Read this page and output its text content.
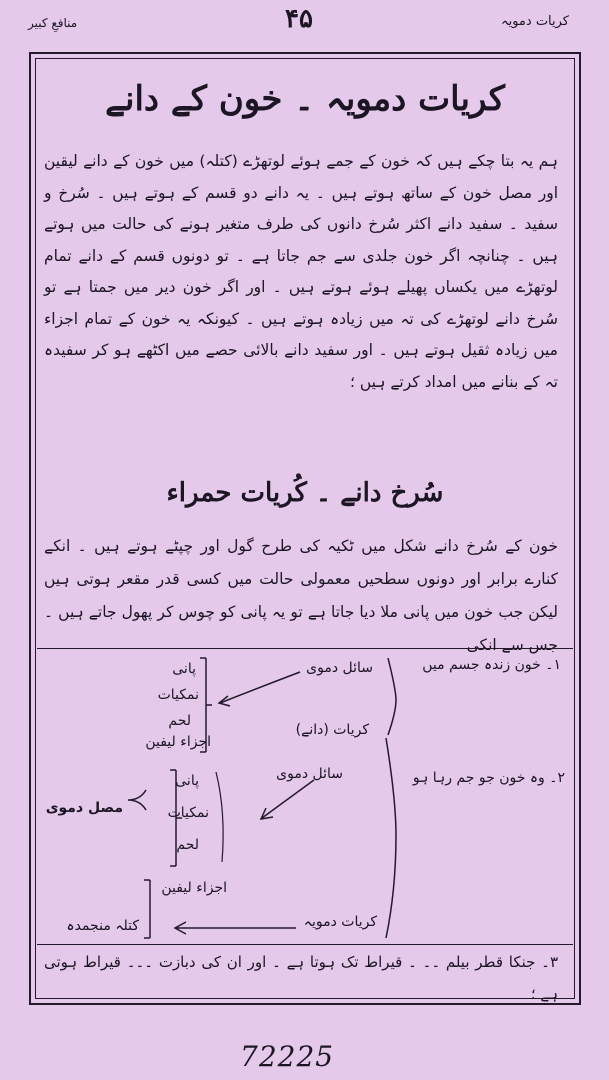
کریات دمویہ
۴۵
منافعِ کبیر
کریات دمویہ ۔ خون کے دانے

ہم یہ بتا چکے ہیں کہ خون کے جمے ہوئے لوتھڑے (کتلہ) میں خون کے دانے لیقین اور مصل خون کے ساتھ ہوتے ہیں ۔ یہ دانے دو قسم کے ہوتے ہیں ۔ سُرخ و سفید ۔ سفید دانے اکثر سُرخ دانوں کی طرف متغیر ہونے کی حالت میں ہوتے ہیں ۔ چنانچہ اگر خون جلدی سے جم جاتا ہے ۔ تو دونوں قسم کے دانے تمام لوتھڑے میں یکساں پھیلے ہوئے ہوتے ہیں ۔ اور اگر خون دیر میں جمتا ہے تو سُرخ دانے لوتھڑے کی تہ میں زیادہ ہوتے ہیں ۔ کیونکہ یہ خون کے تمام اجزاء میں زیادہ ثقیل ہوتے ہیں ۔ اور سفید دانے بالائی حصے میں اکٹھے ہو کر سفیدہ تہ کے بنانے میں امداد کرتے ہیں ؛

سُرخ دانے ۔ کُریات حمراء

خون کے سُرخ دانے شکل میں ٹکیہ کی طرح گول اور چپٹے ہوتے ہیں ۔ انکے کنارے برابر اور دونوں سطحیں معمولی حالت میں کسی قدر مقعر ہوتی ہیں لیکن جب خون میں پانی ملا دیا جاتا ہے تو یہ پانی کو چوس کر پھول جاتے ہیں ۔ جس سے انکی

۱۔ خون زندہ جسم میں
۲۔ وہ خون جو جم رہا ہو
سائل دموی
کریات (دانے)
پانی
نمکیات
لحم
اجزاء لیفین
سائل دموی
پانی
نمکیات
لحم
مصل دموی
اجزاء لیفین
کتلہ منجمدہ	کریات دمویہ

۳۔ جنکا قطر بیلم ۔۔ ۔ قیراط تک ہوتا ہے ۔ اور ان کی دبازت ۔۔۔ قیراط ہوتی ہے ؛

72225
